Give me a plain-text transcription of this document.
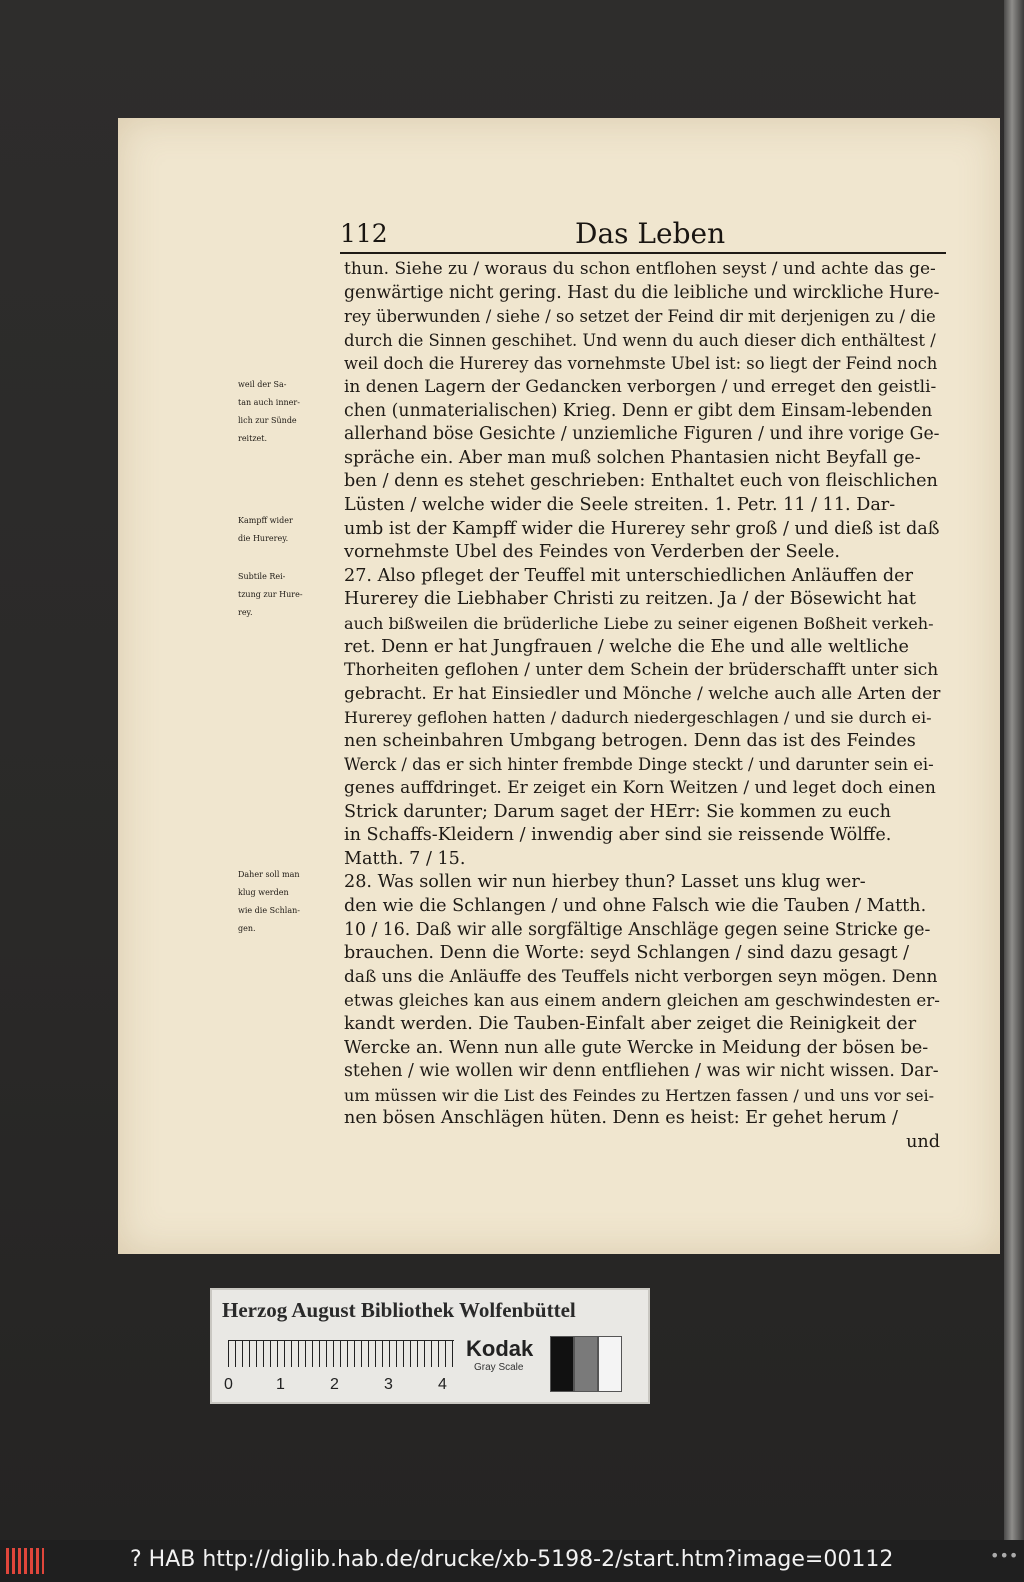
112	Das Leben
thun. Siehe zu / woraus du schon entflohen seyst / und achte das ge-
genwärtige nicht gering. Hast du die leibliche und wirckliche Hure-
rey überwunden / siehe / so setzet der Feind dir mit derjenigen zu / die
durch die Sinnen geschihet. Und wenn du auch dieser dich enthältest /
weil doch die Hurerey das vornehmste Ubel ist: so liegt der Feind noch
in denen Lagern der Gedancken verborgen / und erreget den geistli-
chen (unmaterialischen) Krieg. Denn er gibt dem Einsam-lebenden
allerhand böse Gesichte / unziemliche Figuren / und ihre vorige Ge-
spräche ein. Aber man muß solchen Phantasien nicht Beyfall ge-
ben / denn es stehet geschrieben: Enthaltet euch von fleischlichen
Lüsten / welche wider die Seele streiten. 1. Petr. 11 / 11. Dar-
umb ist der Kampff wider die Hurerey sehr groß / und dieß ist daß
vornehmste Ubel des Feindes von Verderben der Seele.
27. Also pfleget der Teuffel mit unterschiedlichen Anläuffen der
Hurerey die Liebhaber Christi zu reitzen. Ja / der Bösewicht hat
auch bißweilen die brüderliche Liebe zu seiner eigenen Boßheit verkeh-
ret. Denn er hat Jungfrauen / welche die Ehe und alle weltliche
Thorheiten geflohen / unter dem Schein der brüderschafft unter sich
gebracht. Er hat Einsiedler und Mönche / welche auch alle Arten der
Hurerey geflohen hatten / dadurch niedergeschlagen / und sie durch ei-
nen scheinbahren Umbgang betrogen. Denn das ist des Feindes
Werck / das er sich hinter frembde Dinge steckt / und darunter sein ei-
genes auffdringet. Er zeiget ein Korn Weitzen / und leget doch einen
Strick darunter; Darum saget der HErr: Sie kommen zu euch
in Schaffs-Kleidern / inwendig aber sind sie reissende Wölffe.
Matth. 7 / 15.
28. Was sollen wir nun hierbey thun? Lasset uns klug wer-
den wie die Schlangen / und ohne Falsch wie die Tauben / Matth.
10 / 16. Daß wir alle sorgfältige Anschläge gegen seine Stricke ge-
brauchen. Denn die Worte: seyd Schlangen / sind dazu gesagt /
daß uns die Anläuffe des Teuffels nicht verborgen seyn mögen. Denn
etwas gleiches kan aus einem andern gleichen am geschwindesten er-
kandt werden. Die Tauben-Einfalt aber zeiget die Reinigkeit der
Wercke an. Wenn nun alle gute Wercke in Meidung der bösen be-
stehen / wie wollen wir denn entfliehen / was wir nicht wissen. Dar-
um müssen wir die List des Feindes zu Hertzen fassen / und uns vor sei-
nen bösen Anschlägen hüten. Denn es heist: Er gehet herum /
und
weil der Sa-
tan auch inner-
lich zur Sünde
reitzet.
Kampff wider
die Hurerey.
Subtile Rei-
tzung zur Hure-
rey.
Daher soll man
klug werden
wie die Schlan-
gen.
Herzog August Bibliothek Wolfenbüttel
0	1	2	3	4
Kodak
Gray Scale
? HAB http://diglib.hab.de/drucke/xb-5198-2/start.htm?image=00112	•••
